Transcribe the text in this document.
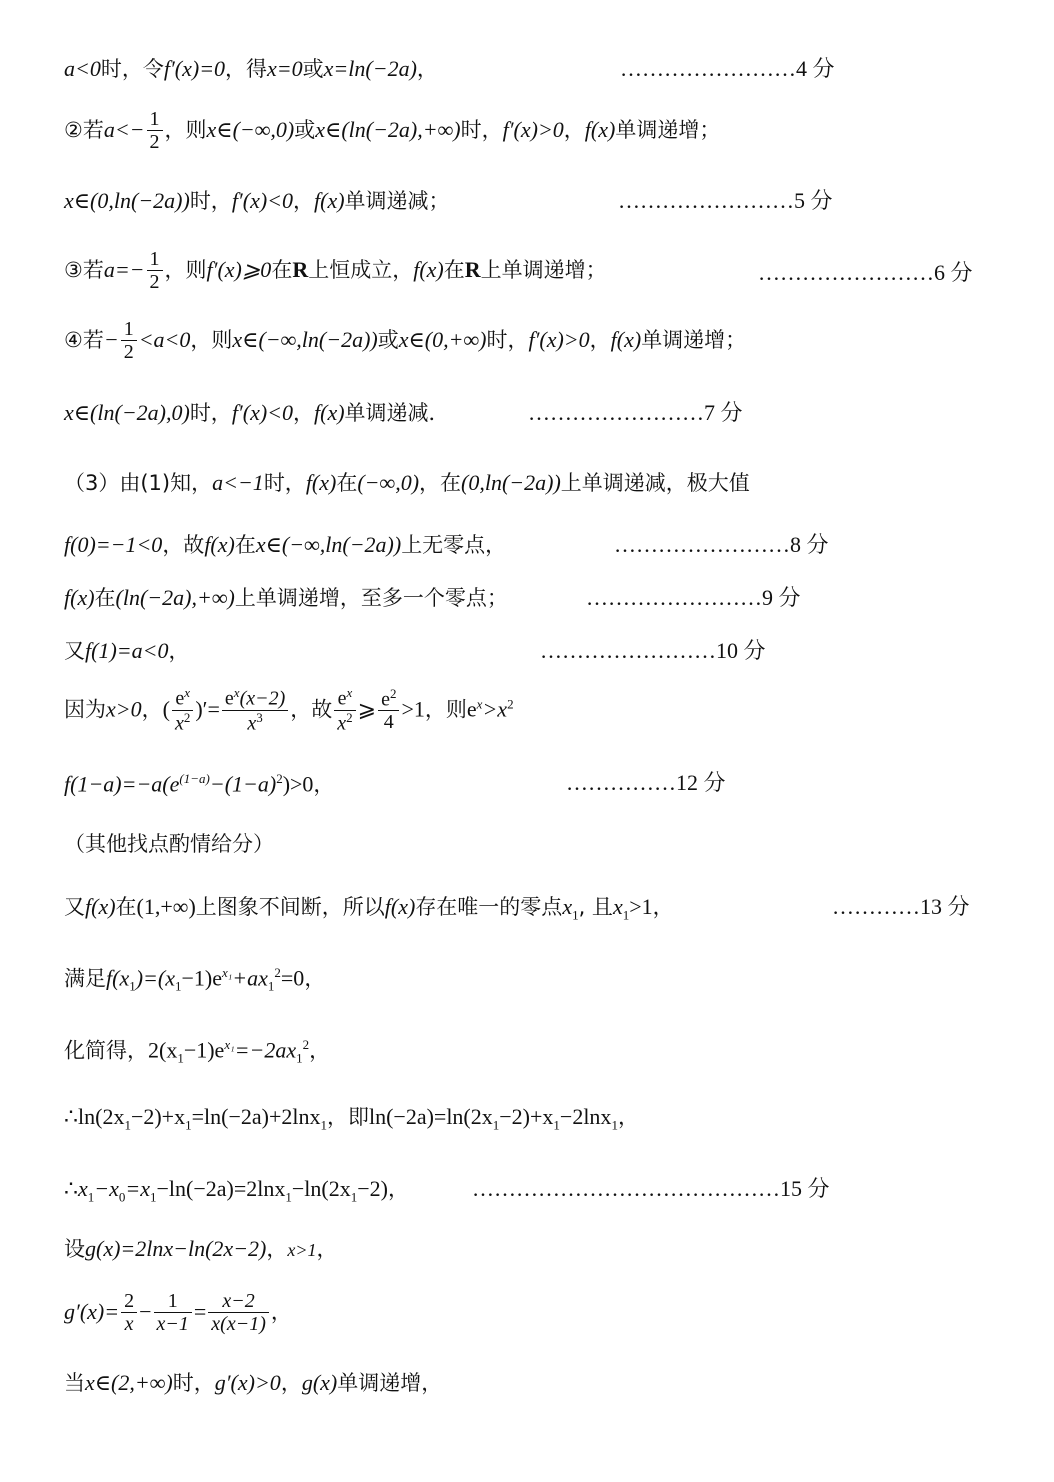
a<0时，令f′(x)=0，得x=0或x=ln(−2a)，	……………………4 分
②若$a<- \frac{1}{2}$ ，则x∈(−∞,0)或x∈(ln(−2a),+∞)时，f′(x)>0，f(x)单调递增；
x∈(0,ln(−2a))时，f′(x)<0，f(x)单调递减；	……………………5 分
③若$a=- \frac{1}{2}$ ，则f′(x)⩾0在R上恒成立，f(x)在R上单调递增；	……………………6 分
④若− $\frac{1}{2} <a<0$，则x∈(−∞,ln(−2a))或x∈(0,+∞)时，f′(x)>0，f(x)单调递增；
x∈(ln(−2a),0)时，f′(x)<0，f(x)单调递减．	……………………7 分
（3）由(1)知，a<−1时，f(x)在(−∞,0)，在(0,ln(−2a))上单调递减，极大值
f(0)=−1<0，故f(x)在x∈(−∞,ln(−2a))上无零点，	……………………8 分
f(x)在(ln(−2a),+∞)上单调递增，至多一个零点；	……………………9 分
又f(1)=a<0，	……………………10 分
因为x>0，( $\frac{e^x}{x^2}$ )′= $\frac{e^x(x-2)}{x^3}$ ，故 $\frac{e^x}{x^2}$ ⩾ $\frac{e^2}{4} >1$，则$e^x>x^2$
$f(1-a)=-a(e^{(1-a)}-(1-a)^2)>0$，	……………12 分
（其他找点酌情给分）
又f(x)在(1,+∞)上图象不间断，所以f(x)存在唯一的零点$x_1$, 且$x_1>1$，	…………13 分
满足$f(x_1)=(x_1-1)e^{x_1}+ax_1^2=0$，
化简得，$2(x_1-1)e^{x_1}=-2ax_1^2$，
$\therefore\ln(2x_1-2)+x_1=\ln(-2a)+2\ln x_1$，即$\ln(-2a)=\ln(2x_1-2)+x_1-2\ln x_1$，
$\therefore x_1-x_0=x_1-\ln(-2a)=2\ln x_1-\ln(2x_1-2)$，	……………………………………15 分
设g(x)=2lnx−ln(2x−2)，x>1，
$g'(x)= \frac{2}{x} - \frac{1}{x-1} = \frac{x-2}{x(x-1)}$ ，
当x∈(2,+∞)时，g′(x)>0，g(x)单调递增，
